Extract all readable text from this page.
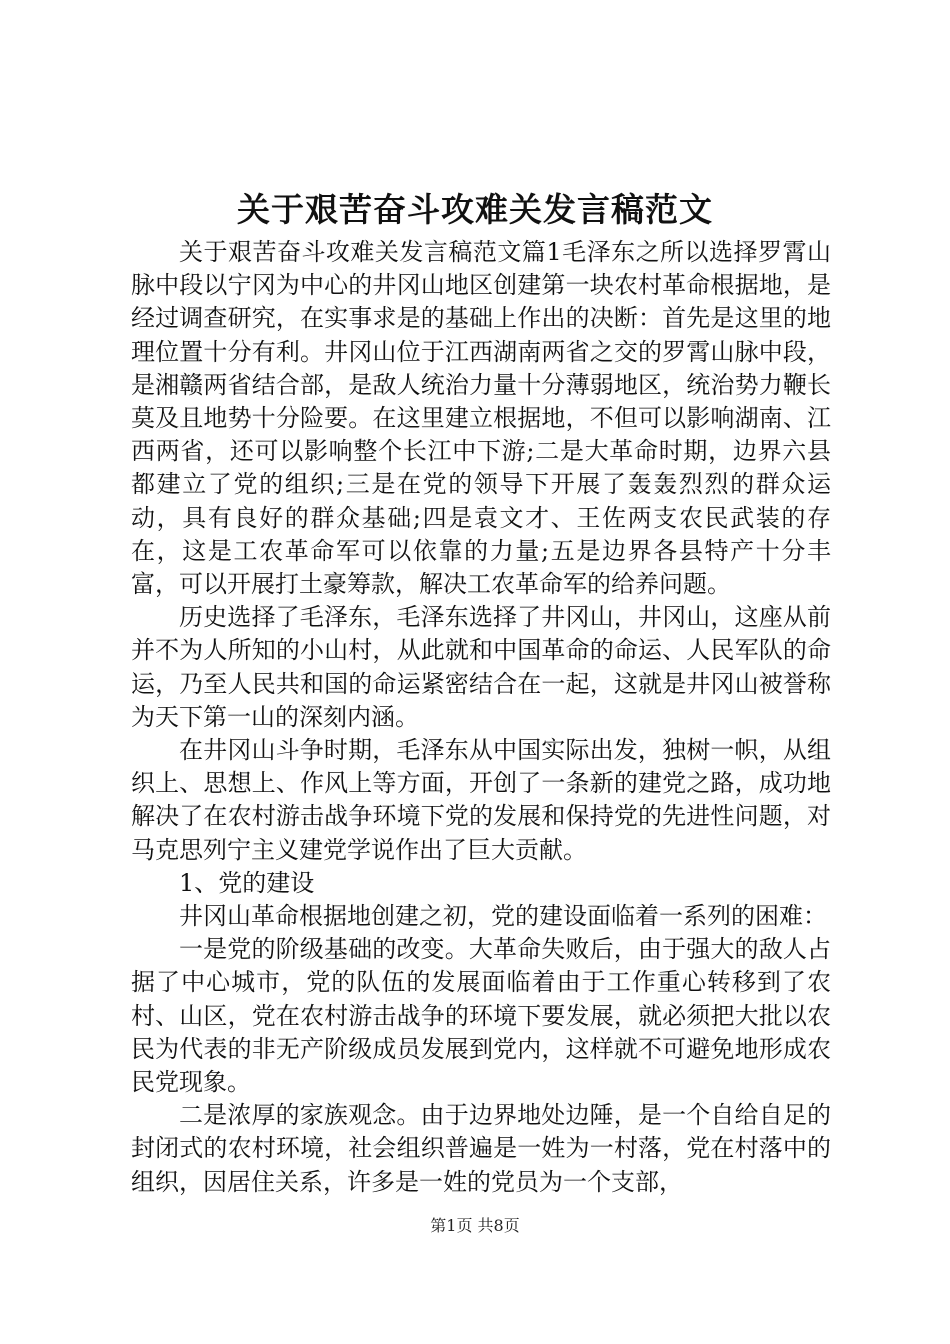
关于艰苦奋斗攻难关发言稿范文

关于艰苦奋斗攻难关发言稿范文篇1毛泽东之所以选择罗霄山脉中段以宁冈为中心的井冈山地区创建第一块农村革命根据地，是经过调查研究，在实事求是的基础上作出的决断：首先是这里的地理位置十分有利。井冈山位于江西湖南两省之交的罗霄山脉中段，是湘赣两省结合部，是敌人统治力量十分薄弱地区，统治势力鞭长莫及且地势十分险要。在这里建立根据地，不但可以影响湖南、江西两省，还可以影响整个长江中下游;二是大革命时期，边界六县都建立了党的组织;三是在党的领导下开展了轰轰烈烈的群众运动，具有良好的群众基础;四是袁文才、王佐两支农民武装的存在，这是工农革命军可以依靠的力量;五是边界各县特产十分丰富，可以开展打土豪筹款，解决工农革命军的给养问题。

历史选择了毛泽东，毛泽东选择了井冈山，井冈山，这座从前并不为人所知的小山村，从此就和中国革命的命运、人民军队的命运，乃至人民共和国的命运紧密结合在一起，这就是井冈山被誉称为天下第一山的深刻内涵。

在井冈山斗争时期，毛泽东从中国实际出发，独树一帜，从组织上、思想上、作风上等方面，开创了一条新的建党之路，成功地解决了在农村游击战争环境下党的发展和保持党的先进性问题，对马克思列宁主义建党学说作出了巨大贡献。

1、党的建设

井冈山革命根据地创建之初，党的建设面临着一系列的困难：

一是党的阶级基础的改变。大革命失败后，由于强大的敌人占据了中心城市，党的队伍的发展面临着由于工作重心转移到了农村、山区，党在农村游击战争的环境下要发展，就必须把大批以农民为代表的非无产阶级成员发展到党内，这样就不可避免地形成农民党现象。

二是浓厚的家族观念。由于边界地处边陲，是一个自给自足的封闭式的农村环境，社会组织普遍是一姓为一村落，党在村落中的组织，因居住关系，许多是一姓的党员为一个支部，

第1页 共8页
